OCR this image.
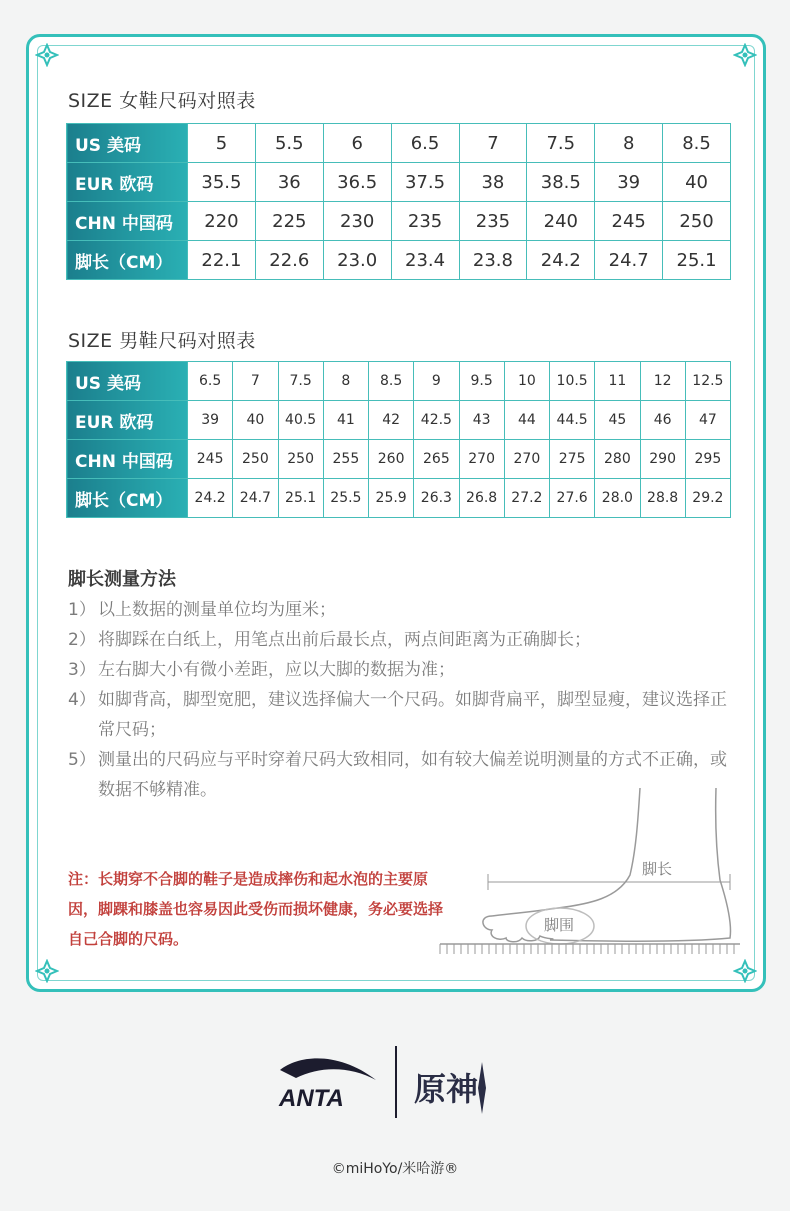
SIZE 女鞋尺码对照表
US 美码	5	5.5	6	6.5	7	7.5	8	8.5
EUR 欧码	35.5	36	36.5	37.5	38	38.5	39	40
CHN 中国码	220	225	230	235	235	240	245	250
脚长（CM）	22.1	22.6	23.0	23.4	23.8	24.2	24.7	25.1
SIZE 男鞋尺码对照表
US 美码	6.5	7	7.5	8	8.5	9	9.5	10	10.5	11	12	12.5
EUR 欧码	39	40	40.5	41	42	42.5	43	44	44.5	45	46	47
CHN 中国码	245	250	250	255	260	265	270	270	275	280	290	295
脚长（CM）	24.2	24.7	25.1	25.5	25.9	26.3	26.8	27.2	27.6	28.0	28.8	29.2
脚长测量方法
1） 以上数据的测量单位均为厘米；
2） 将脚踩在白纸上，用笔点出前后最长点，两点间距离为正确脚长；
3） 左右脚大小有微小差距，应以大脚的数据为准；
4） 如脚背高，脚型宽肥，建议选择偏大一个尺码。如脚背扁平，脚型显瘦，建议选择正常尺码；
5） 测量出的尺码应与平时穿着尺码大致相同，如有较大偏差说明测量的方式不正确，或数据不够精准。
注：长期穿不合脚的鞋子是造成摔伤和起水泡的主要原因，脚踝和膝盖也容易因此受伤而损坏健康，务必要选择自己合脚的尺码。
脚长
脚围
ANTA 原神
©miHoYo/米哈游®
